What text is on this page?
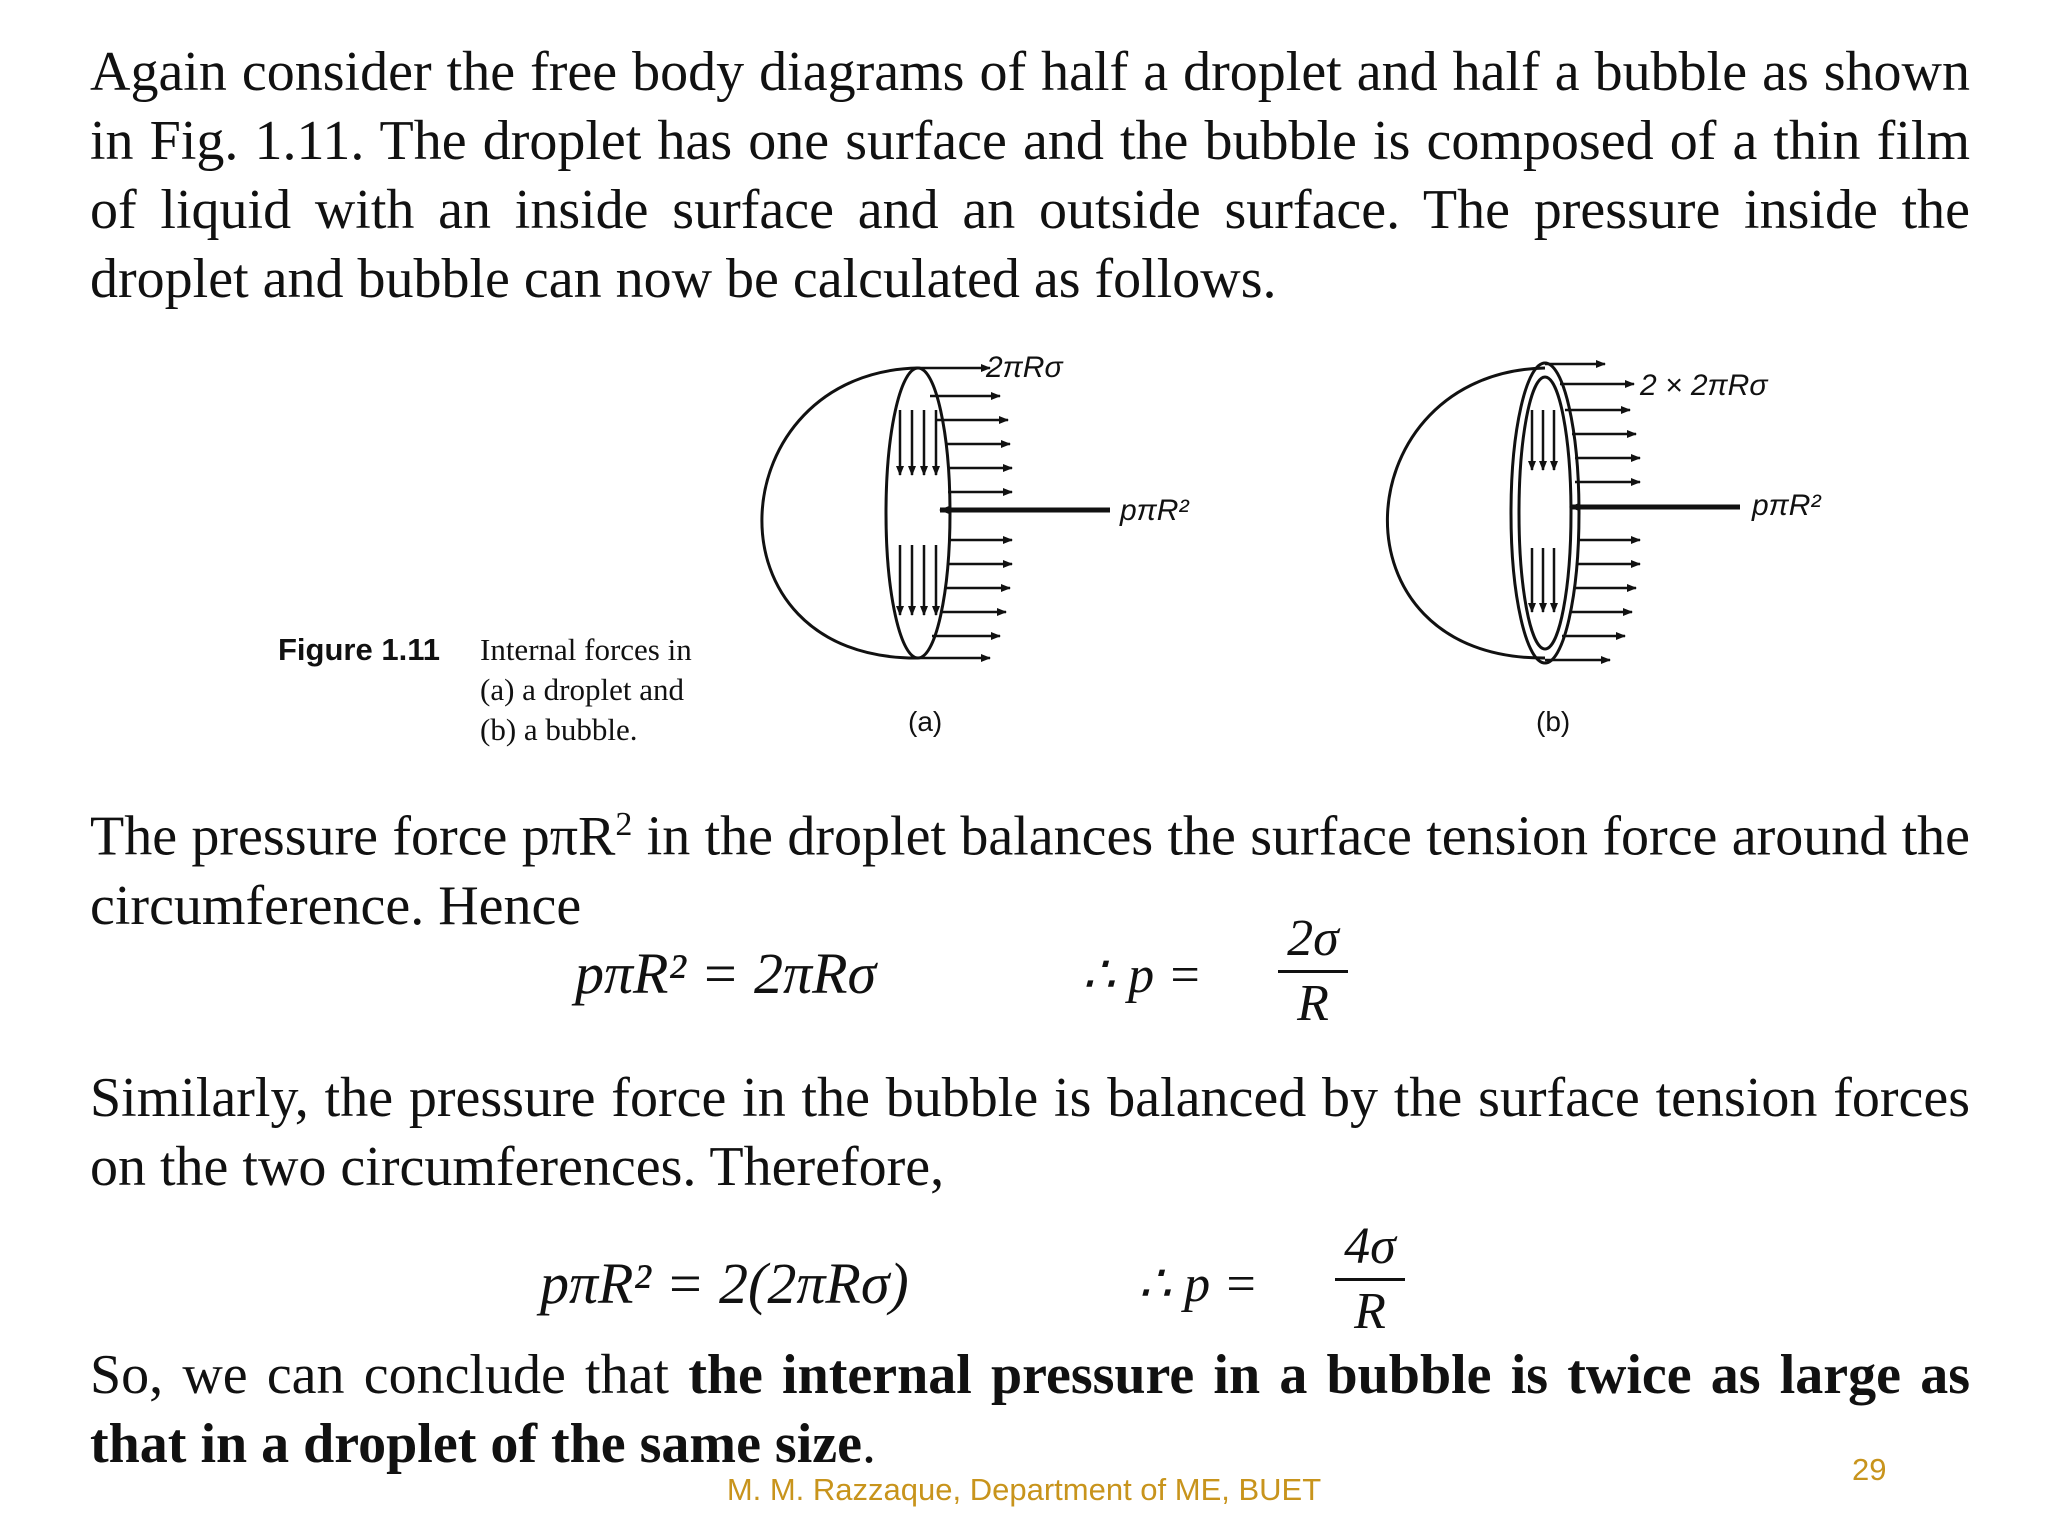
Again consider the free body diagrams of half a droplet and half a bubble as shown in Fig. 1.11. The droplet has one surface and the bubble is composed of a thin film of liquid with an inside surface and an outside surface. The pressure inside the droplet and bubble can now be calculated as follows.

2πRσ
pπR²
(a)
2 × 2πRσ
pπR²
(b)
Figure 1.11	Internal forces in
(a) a droplet and
(b) a bubble.

The pressure force pπR$^2$ in the droplet balances the surface tension force around the circumference. Hence

pπR² = 2πRσ	∴ p =
2σ
R

Similarly, the pressure force in the bubble is balanced by the surface tension forces on the two circumferences. Therefore,

pπR² = 2(2πRσ)	∴ p =
4σ
R

So, we can conclude that the internal pressure in a bubble is twice as large as that in a droplet of the same size.

M. M. Razzaque, Department of ME, BUET
29
